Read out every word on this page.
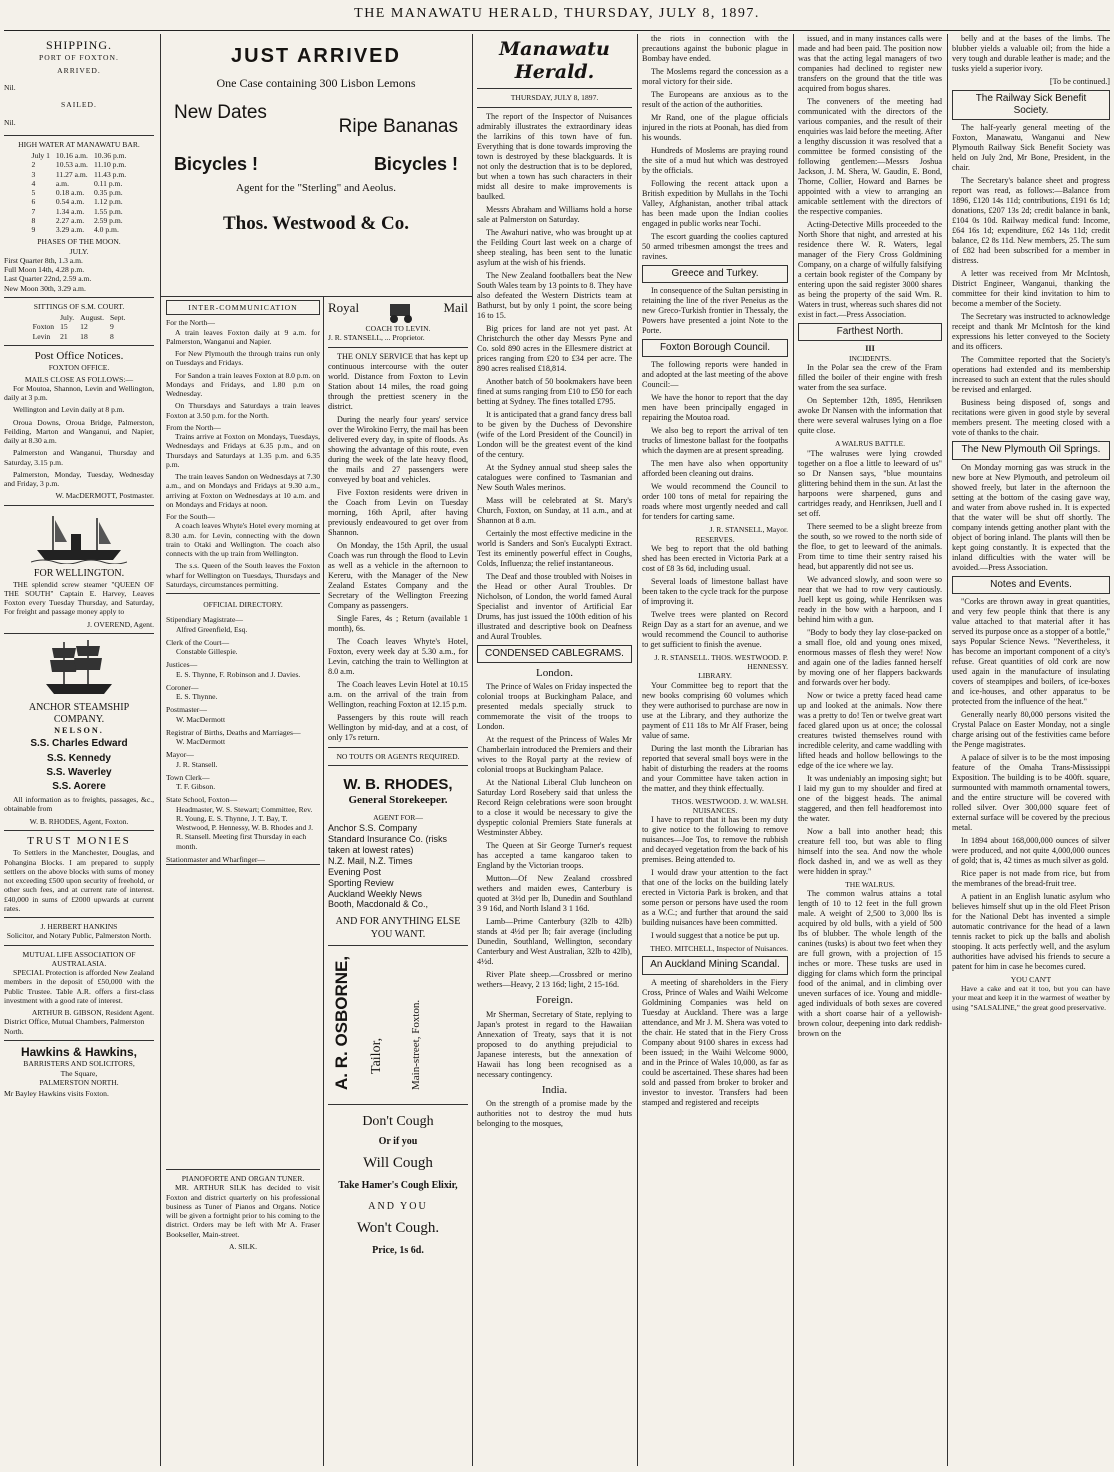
THE MANAWATU HERALD, THURSDAY, JULY 8, 1897.
SHIPPING.
PORT OF FOXTON.
ARRIVED.
Nil.
SAILED.
Nil.
HIGH WATER AT MANAWATU BAR.
July 1	10.16 a.m.	10.36 p.m.
2	10.53 a.m.	11.10 p.m.
3	11.27 a.m.	11.43 p.m.
4	a.m.	0.11 p.m.
5	0.18 a.m.	0.35 p.m.
6	0.54 a.m.	1.12 p.m.
7	1.34 a.m.	1.55 p.m.
8	2.27 a.m.	2.59 p.m.
9	3.29 a.m.	4.0 p.m.
PHASES OF THE MOON.
JULY.
First Quarter 8th, 1.3 a.m.
Full Moon 14th, 4.28 p.m.
Last Quarter 22nd, 2.59 a.m.
New Moon 30th, 3.29 a.m.
SITTINGS OF S.M. COURT.
	July.	August.	Sept.
Foxton	15	12	9
Levin	21	18	8
Post Office Notices.
FOXTON OFFICE.
MAILS CLOSE AS FOLLOWS:—

For Moutoa, Shannon, Levin and Wellington, daily at 3 p.m.

Wellington and Levin daily at 8 p.m.

Oroua Downs, Oroua Bridge, Palmerston, Feilding, Marton and Wanganui, and Napier, daily at 8.30 a.m.

Palmerston and Wanganui, Thursday and Saturday, 3.15 p.m.

Palmerston, Monday, Tuesday, Wednesday and Friday, 3 p.m.

W. MacDERMOTT, Postmaster.
FOR WELLINGTON.

THE splendid screw steamer "QUEEN OF THE SOUTH" Captain E. Harvey, Leaves Foxton every Tuesday Thursday, and Saturday, For freight and passage money apply to

J. OVEREND, Agent.
ANCHOR STEAMSHIP COMPANY.
NELSON.
S.S. Charles Edward
S.S. Kennedy
S.S. Waverley
S.S. Aorere

All information as to freights, passages, &c., obtainable from

W. B. RHODES, Agent, Foxton.
TRUST MONIES

To Settlers in the Manchester, Douglas, and Pohangina Blocks. I am prepared to supply settlers on the above blocks with sums of money not exceeding £500 upon security of freehold, or other such fees, and at current rate of interest. £40,000 in sums of £2000 upwards at current rates.

J. HERBERT HANKINS
Solicitor, and Notary Public, Palmerston North.
MUTUAL LIFE ASSOCIATION OF AUSTRALASIA.

SPECIAL Protection is afforded New Zealand members in the deposit of £50,000 with the Public Trustee. Table A.R. offers a first-class investment with a good rate of interest.

ARTHUR B. GIBSON, Resident Agent.
District Office, Mutual Chambers, Palmerston North.
Hawkins & Hawkins,
BARRISTERS AND SOLICITORS,
The Square,
PALMERSTON NORTH.
Mr Bayley Hawkins visits Foxton.
JUST ARRIVED
One Case containing 300 Lisbon Lemons
New Dates
Ripe Bananas
Bicycles !	Bicycles !
Agent for the "Sterling" and Aeolus.
Thos. Westwood & Co.
INTER-COMMUNICATION
For the North—

A train leaves Foxton daily at 9 a.m. for Palmerston, Wanganui and Napier.

For New Plymouth the through trains run only on Tuesdays and Fridays.

For Sandon a train leaves Foxton at 8.0 p.m. on Mondays and Fridays, and 1.80 p.m on Wednesday.

On Thursdays and Saturdays a train leaves Foxton at 3.50 p.m. for the North.

From the North—

Trains arrive at Foxton on Mondays, Tuesdays, Wednesdays and Fridays at 6.35 p.m., and on Thursdays and Saturdays at 1.35 p.m. and 6.35 p.m.

The train leaves Sandon on Wednesdays at 7.30 a.m., and on Mondays and Fridays at 9.30 a.m., arriving at Foxton on Wednesdays at 10 a.m. and on Mondays and Fridays at noon.

For the South—

A coach leaves Whyte's Hotel every morning at 8.30 a.m. for Levin, connecting with the down train to Otaki and Wellington. The coach also connects with the up train from Wellington.

The s.s. Queen of the South leaves the Foxton wharf for Wellington on Tuesdays, Thursdays and Saturdays, circumstances permitting.

OFFICIAL DIRECTORY.
Stipendiary Magistrate—
Alfred Greenfield, Esq.
Clerk of the Court—
Constable Gillespie.
Justices—
E. S. Thynne, F. Robinson and J. Davies.
Coroner—
E. S. Thynne.
Postmaster—
W. MacDermott
Registrar of Births, Deaths and Marriages—
W. MacDermott
Mayor—
J. R. Stansell.
Town Clerk—
T. F. Gibson.
State School, Foxton—
Headmaster, W. S. Stewart; Committee, Rev. R. Young, E. S. Thynne, J. T. Bay, T. Westwood, P. Hennessy, W. B. Rhodes and J. R. Stansell. Meeting first Thursday in each month.
Stationmaster and Wharfinger—
PIANOFORTE AND ORGAN TUNER.

MR. ARTHUR SILK has decided to visit Foxton and district quarterly on his professional business as Tuner of Pianos and Organs. Notice will be given a fortnight prior to his coming to the district. Orders may be left with Mr A. Fraser Bookseller, Main-street.

A. SILK.
Royal	Mail
COACH TO LEVIN.
J. R. STANSELL, ... Proprietor.

THE ONLY SERVICE that has kept up continuous intercourse with the outer world. Distance from Foxton to Levin Station about 14 miles, the road going through the prettiest scenery in the district.

During the nearly four years' service over the Wirokino Ferry, the mail has been delivered every day, in spite of floods. As showing the advantage of this route, even during the week of the late heavy flood, the mails and 27 passengers were conveyed by boat and vehicles.

Five Foxton residents were driven in the Coach from Levin on Tuesday morning, 16th April, after having previously endeavoured to get over from Shannon.

On Monday, the 15th April, the usual Coach was run through the flood to Levin as well as a vehicle in the afternoon to Kereru, with the Manager of the New Zealand Estates Company and the Secretary of the Wellington Freezing Company as passengers.

Single Fares, 4s ; Return (available 1 month), 6s.

The Coach leaves Whyte's Hotel, Foxton, every week day at 5.30 a.m., for Levin, catching the train to Wellington at 8.0 a.m.

The Coach leaves Levin Hotel at 10.15 a.m. on the arrival of the train from Wellington, reaching Foxton at 12.15 p.m.

Passengers by this route will reach Wellington by mid-day, and at a cost, of only 17s return.

NO TOUTS OR AGENTS REQUIRED.
W. B. RHODES,
General Storekeeper.
AGENT FOR—
Anchor S.S. Company
Standard Insurance Co. (risks taken at lowest rates)
N.Z. Mail, N.Z. Times
Evening Post
Sporting Review
Auckland Weekly News
Booth, Macdonald & Co.,
AND FOR ANYTHING ELSE YOU WANT.
A. R. OSBORNE, Tailor, Main-street, Foxton.
Don't Cough
Or if you
Will Cough
Take Hamer's Cough Elixir,
AND YOU
Won't Cough.
Price, 1s 6d.
Manawatu Herald.
THURSDAY, JULY 8, 1897.

The report of the Inspector of Nuisances admirably illustrates the extraordinary ideas the larrikins of this town have of fun. Everything that is done towards improving the town is destroyed by these blackguards. It is not only the destruction that is to be deplored, but when a town has such characters in their midst all desire to make improvements is baulked.

Messrs Abraham and Williams hold a horse sale at Palmerston on Saturday.

The Awahuri native, who was brought up at the Feilding Court last week on a charge of sheep stealing, has been sent to the lunatic asylum at the wish of his friends.

The New Zealand footballers beat the New South Wales team by 13 points to 8. They have also defeated the Western Districts team at Bathurst, but by only 1 point, the score being 16 to 15.

Big prices for land are not yet past. At Christchurch the other day Messrs Pyne and Co. sold 890 acres in the Ellesmere district at prices ranging from £20 to £34 per acre. The 890 acres realised £18,814.

Another batch of 50 bookmakers have been fined at sums ranging from £10 to £50 for each betting at Sydney. The fines totalled £795.

It is anticipated that a grand fancy dress ball to be given by the Duchess of Devonshire (wife of the Lord President of the Council) in London will be the greatest event of the kind of the century.

At the Sydney annual stud sheep sales the catalogues were confined to Tasmanian and New South Wales merinos.

Mass will be celebrated at St. Mary's Church, Foxton, on Sunday, at 11 a.m., and at Shannon at 8 a.m.

Certainly the most effective medicine in the world is Sanders and Son's Eucalypti Extract. Test its eminently powerful effect in Coughs, Colds, Influenza; the relief instantaneous.

The Deaf and those troubled with Noises in the Head or other Aural Troubles. Dr Nicholson, of London, the world famed Aural Specialist and inventor of Artificial Ear Drums, has just issued the 100th edition of his illustrated and descriptive book on Deafness and Aural Troubles.

CONDENSED CABLEGRAMS.
London.

The Prince of Wales on Friday inspected the colonial troops at Buckingham Palace, and presented medals specially struck to commemorate the visit of the troops to London.

At the request of the Princess of Wales Mr Chamberlain introduced the Premiers and their wives to the Royal party at the review of colonial troops at Buckingham Palace.

At the National Liberal Club luncheon on Saturday Lord Rosebery said that unless the Record Reign celebrations were soon brought to a close it would be necessary to give the dyspeptic colonial Premiers State funerals at Westminster Abbey.

The Queen at Sir George Turner's request has accepted a tame kangaroo taken to England by the Victorian troops.

Mutton—Of New Zealand crossbred wethers and maiden ewes, Canterbury is quoted at 3½d per lb, Dunedin and Southland 3 9 16d, and North Island 3 1 16d.

Lamb—Prime Canterbury (32lb to 42lb) stands at 4½d per lb; fair average (including Dunedin, Southland, Wellington, secondary Canterbury and West Australian, 32lb to 42lb), 4½d.

River Plate sheep.—Crossbred or merino wethers—Heavy, 2 13 16d; light, 2 15-16d.

Foreign.

Mr Sherman, Secretary of State, replying to Japan's protest in regard to the Hawaiian Annexation of Treaty, says that it is not proposed to do anything prejudicial to Japanese interests, but the annexation of Hawaii has long been recognised as a necessary contingency.

India.

On the strength of a promise made by the authorities not to destroy the mud huts belonging to the mosques,

the riots in connection with the precautions against the bubonic plague in Bombay have ended.

The Moslems regard the concession as a moral victory for their side.

The Europeans are anxious as to the result of the action of the authorities.

Mr Rand, one of the plague officials injured in the riots at Poonah, has died from his wounds.

Hundreds of Moslems are praying round the site of a mud hut which was destroyed by the officials.

Following the recent attack upon a British expedition by Mullahs in the Tochi Valley, Afghanistan, another tribal attack has been made upon the Indian coolies engaged in public works near Tochi.

The escort guarding the coolies captured 50 armed tribesmen amongst the trees and ravines.

Greece and Turkey.

In consequence of the Sultan persisting in retaining the line of the river Peneius as the new Greco-Turkish frontier in Thessaly, the Powers have presented a joint Note to the Porte.

Foxton Borough Council.

The following reports were handed in and adopted at the last meeting of the above Council:—

We have the honor to report that the day men have been principally engaged in repairing the Moutoa road.

We also beg to report the arrival of ten trucks of limestone ballast for the footpaths which the daymen are at present spreading.

The men have also when opportunity afforded been cleaning out drains.

We would recommend the Council to order 100 tons of metal for repairing the roads where most urgently needed and call for tenders for carting same.

J. R. STANSELL, Mayor.
RESERVES.

We beg to report that the old bathing shed has been erected in Victoria Park at a cost of £8 3s 6d, including usual.

Several loads of limestone ballast have been taken to the cycle track for the purpose of improving it.

Twelve trees were planted on Record Reign Day as a start for an avenue, and we would recommend the Council to authorise to get sufficient to finish the avenue.

J. R. STANSELL. THOS. WESTWOOD. P. HENNESSY.
LIBRARY.

Your Committee beg to report that the new books comprising 60 volumes which they were authorised to purchase are now in use at the Library, and they authorize the payment of £11 18s to Mr Alf Fraser, being value of same.

During the last month the Librarian has reported that several small boys were in the habit of disturbing the readers at the rooms and your Committee have taken action in the matter, and they think effectually.

THOS. WESTWOOD. J. W. WALSH.
NUISANCES.

I have to report that it has been my duty to give notice to the following to remove nuisances—Joe Tos, to remove the rubbish and decayed vegetation from the back of his premises. Being attended to.

I would draw your attention to the fact that one of the locks on the building lately erected in Victoria Park is broken, and that some person or persons have used the room as a W.C.; and further that around the said building nuisances have been committed.

I would suggest that a notice be put up.

THEO. MITCHELL, Inspector of Nuisances.
An Auckland Mining Scandal.

A meeting of shareholders in the Fiery Cross, Prince of Wales and Waihi Welcome Goldmining Companies was held on Tuesday at Auckland. There was a large attendance, and Mr J. M. Shera was voted to the chair. He stated that in the Fiery Cross Company about 9100 shares in excess had been issued; in the Waihi Welcome 9000, and in the Prince of Wales 10,000, as far as could be ascertained. These shares had been sold and passed from broker to broker and investor to investor. Transfers had been stamped and registered and receipts

issued, and in many instances calls were made and had been paid. The position now was that the acting legal managers of two companies had declined to register new transfers on the ground that the title was acquired from bogus shares.

The conveners of the meeting had communicated with the directors of the various companies, and the result of their enquiries was laid before the meeting. After a lengthy discussion it was resolved that a committee be formed consisting of the following gentlemen:—Messrs Joshua Jackson, J. M. Shera, W. Gaudin, E. Bond, Thorne, Collier, Howard and Barnes be appointed with a view to arranging an amicable settlement with the directors of the respective companies.

Acting-Detective Mills proceeded to the North Shore that night, and arrested at his residence there W. R. Waters, legal manager of the Fiery Cross Goldmining Company, on a charge of wilfully falsifying a certain book register of the Company by entering upon the said register 3000 shares as being the property of the said Wm. R. Waters in trust, whereas such shares did not exist in fact.—Press Association.

Farthest North.
III
INCIDENTS.

In the Polar sea the crew of the Fram filled the boiler of their engine with fresh water from the sea surface.

On September 12th, 1895, Henriksen awoke Dr Nansen with the information that there were several walruses lying on a floe quite close.

A WALRUS BATTLE.

"The walruses were lying crowded together on a floe a little to leeward of us" so Dr Nansen says, "blue mountains glittering behind them in the sun. At last the harpoons were sharpened, guns and cartridges ready, and Henriksen, Juell and I set off.

There seemed to be a slight breeze from the south, so we rowed to the north side of the floe, to get to leeward of the animals. From time to time their sentry raised his head, but apparently did not see us.

We advanced slowly, and soon were so near that we had to row very cautiously. Juell kept us going, while Henriksen was ready in the bow with a harpoon, and I behind him with a gun.

"Body to body they lay close-packed on a small floe, old and young ones mixed, enormous masses of flesh they were! Now and again one of the ladies fanned herself by moving one of her flappers backwards and forwards over her body.

Now or twice a pretty faced head came up and looked at the animals. Now there was a pretty to do! Ten or twelve great wart faced glared upon us at once; the colossal creatures twisted themselves round with incredible celerity, and came waddling with lifted heads and hollow bellowings to the edge of the ice where we lay.

It was undeniably an imposing sight; but I laid my gun to my shoulder and fired at one of the biggest heads. The animal staggered, and then fell headforemost into the water.

Now a ball into another head; this creature fell too, but was able to fling himself into the sea. And now the whole flock dashed in, and we as well as they were hidden in spray."

THE WALRUS.

The common walrus attains a total length of 10 to 12 feet in the full grown male. A weight of 2,500 to 3,000 lbs is acquired by old bulls, with a yield of 500 lbs of blubber. The whole length of the canines (tusks) is about two feet when they are full grown, with a projection of 15 inches or more. These tusks are used in digging for clams which form the principal food of the animal, and in climbing over uneven surfaces of ice. Young and middle-aged individuals of both sexes are covered with a short coarse hair of a yellowish-brown colour, deepening into dark reddish-brown on the

belly and at the bases of the limbs. The blubber yields a valuable oil; from the hide a very tough and durable leather is made; and the tusks yield a superior ivory.

[To be continued.]
The Railway Sick Benefit Society.

The half-yearly general meeting of the Foxton, Manawatu, Wanganui and New Plymouth Railway Sick Benefit Society was held on July 2nd, Mr Bone, President, in the chair.

The Secretary's balance sheet and progress report was read, as follows:—Balance from 1896, £120 14s 11d; contributions, £191 6s 1d; donations, £207 13s 2d; credit balance in bank, £104 0s 10d. Railway medical fund: Income, £64 16s 1d; expenditure, £62 14s 11d; credit balance, £2 8s 11d. New members, 25. The sum of £82 had been subscribed for a member in distress.

A letter was received from Mr McIntosh, District Engineer, Wanganui, thanking the committee for their kind invitation to him to become a member of the Society.

The Secretary was instructed to acknowledge receipt and thank Mr McIntosh for the kind expressions his letter conveyed to the Society and its officers.

The Committee reported that the Society's operations had extended and its membership increased to such an extent that the rules should be revised and enlarged.

Business being disposed of, songs and recitations were given in good style by several members present. The meeting closed with a vote of thanks to the chair.

The New Plymouth Oil Springs.

On Monday morning gas was struck in the new bore at New Plymouth, and petroleum oil showed freely, but later in the afternoon the setting at the bottom of the casing gave way, and water from above rushed in. It is expected that the water will be shut off shortly. The company intends getting another plant with the object of boring inland. The plants will then be kept going constantly. It is expected that the inland difficulties with the water will be avoided.—Press Association.

Notes and Events.

"Corks are thrown away in great quantities, and very few people think that there is any value attached to that material after it has served its purpose once as a stopper of a bottle," says Popular Science News. "Nevertheless, it has become an important component of a city's refuse. Great quantities of old cork are now used again in the manufacture of insulating covers of steampipes and boilers, of ice-boxes and ice-houses, and other apparatus to be protected from the influence of the heat."

Generally nearly 80,000 persons visited the Crystal Palace on Easter Monday, not a single charge arising out of the festivities came before the Penge magistrates.

A palace of silver is to be the most imposing feature of the Omaha Trans-Mississippi Exposition. The building is to be 400ft. square, surmounted with mammoth ornamental towers, and the entire structure will be covered with rolled silver. Over 300,000 square feet of external surface will be covered by the precious metal.

In 1894 about 168,000,000 ounces of silver were produced, and not quite 4,000,000 ounces of gold; that is, 42 times as much silver as gold.

Rice paper is not made from rice, but from the membranes of the bread-fruit tree.

A patient in an English lunatic asylum who believes himself shut up in the old Fleet Prison for the National Debt has invented a simple automatic contrivance for the head of a lawn tennis racket to pick up the balls and abolish stooping. It acts perfectly well, and the asylum authorities have advised his friends to secure a patent for him in case he becomes cured.

YOU CAN'T

Have a cake and eat it too, but you can have your meat and keep it in the warmest of weather by using "SALSALINE," the great good preservative.
